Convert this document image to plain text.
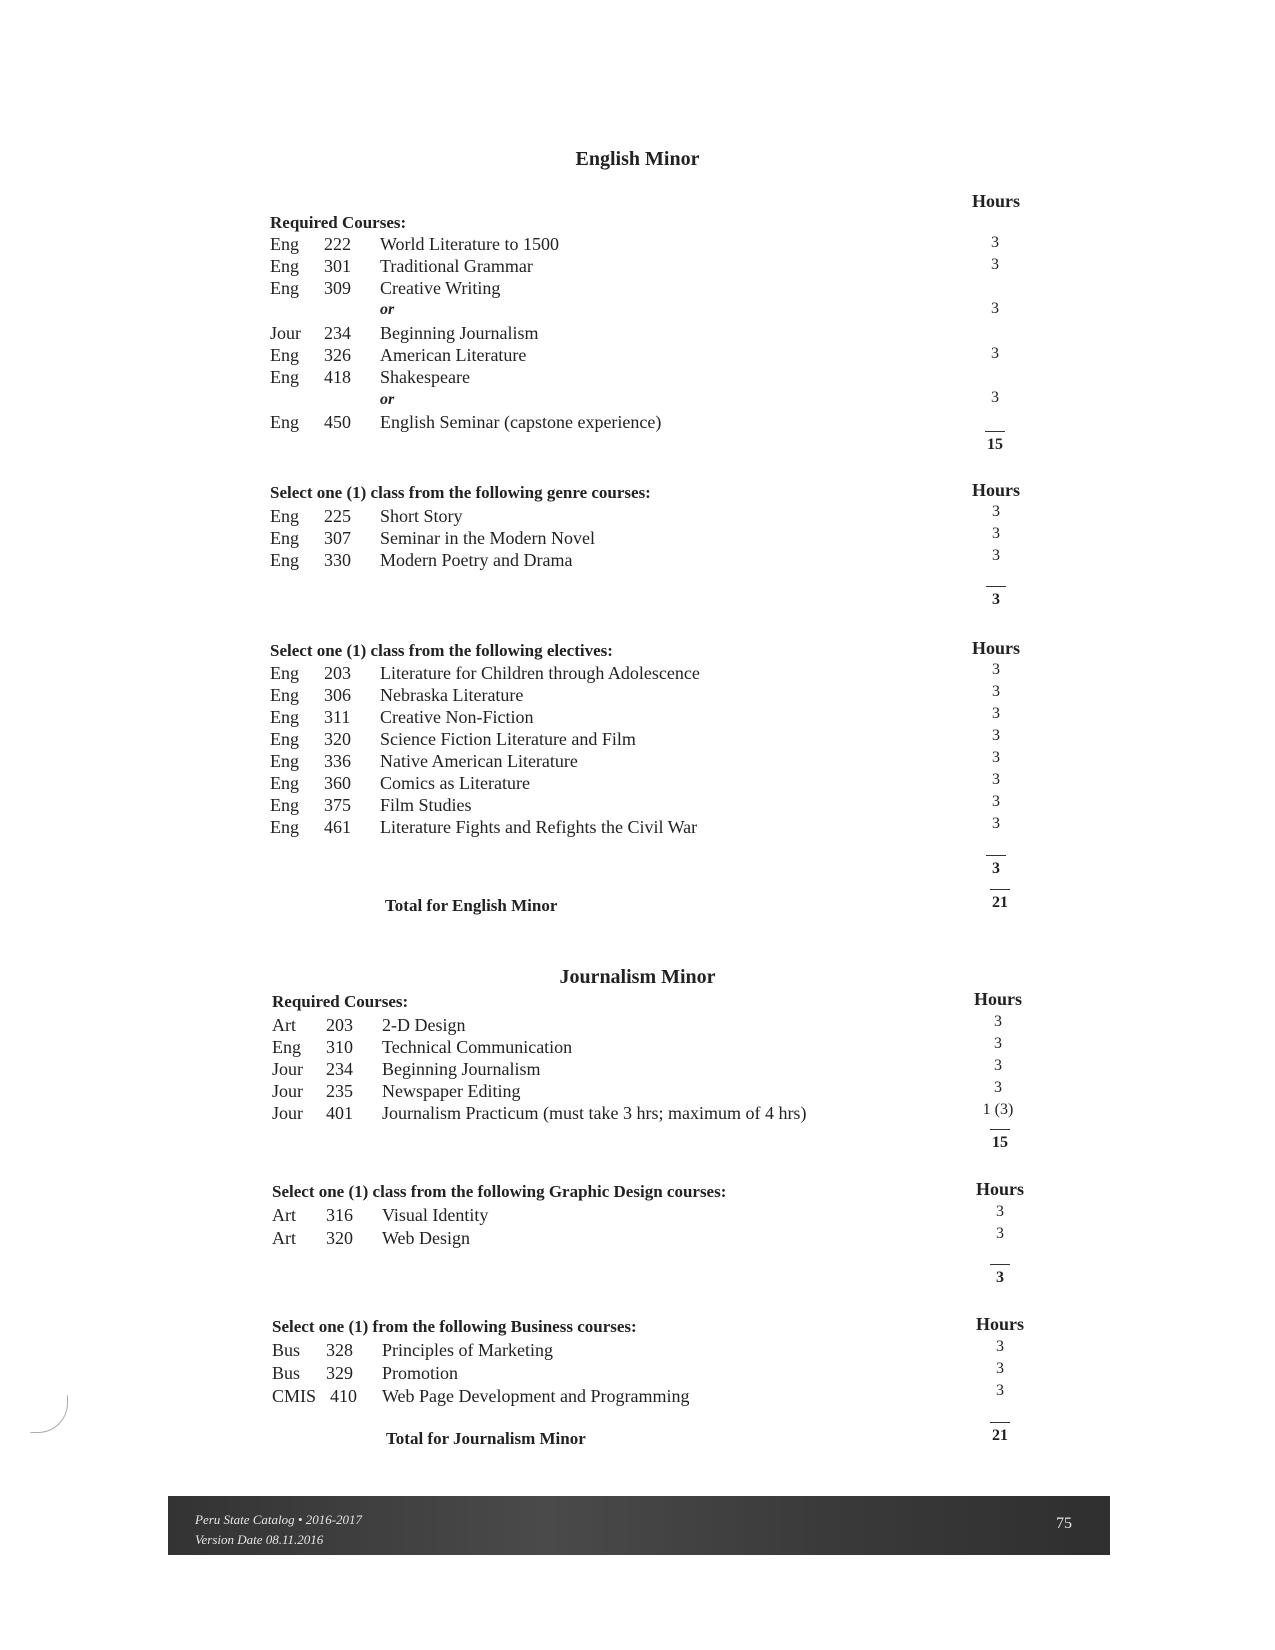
English Minor
Hours
Required Courses:
Eng 222 World Literature to 1500
Eng 301 Traditional Grammar
Eng 309 Creative Writing
or
Jour 234 Beginning Journalism
Eng 326 American Literature
Eng 418 Shakespeare
or
Eng 450 English Seminar (capstone experience)
3
3
3
3
3
15
Hours
Select one (1) class from the following genre courses:
Eng 225 Short Story
Eng 307 Seminar in the Modern Novel
Eng 330 Modern Poetry and Drama
3
3
3
3
Hours
Select one (1) class from the following electives:
Eng 203 Literature for Children through Adolescence
Eng 306 Nebraska Literature
Eng 311 Creative Non-Fiction
Eng 320 Science Fiction Literature and Film
Eng 336 Native American Literature
Eng 360 Comics as Literature
Eng 375 Film Studies
Eng 461 Literature Fights and Refights the Civil War
3
3
3
3
3
3
3
3
3
Total for English Minor	21
Journalism Minor
Hours
Required Courses:
Art 203 2-D Design
Eng 310 Technical Communication
Jour 234 Beginning Journalism
Jour 235 Newspaper Editing
Jour 401 Journalism Practicum (must take 3 hrs; maximum of 4 hrs)
3
3
3
3
1 (3)
15
Hours
Select one (1) class from the following Graphic Design courses:
Art 316 Visual Identity
Art 320 Web Design
3
3
3
Hours
Select one (1) from the following Business courses:
Bus 328 Principles of Marketing
Bus 329 Promotion
CMIS 410 Web Page Development and Programming
3
3
3
Total for Journalism Minor	21
Peru State Catalog • 2016-2017
Version Date 08.11.2016
75
